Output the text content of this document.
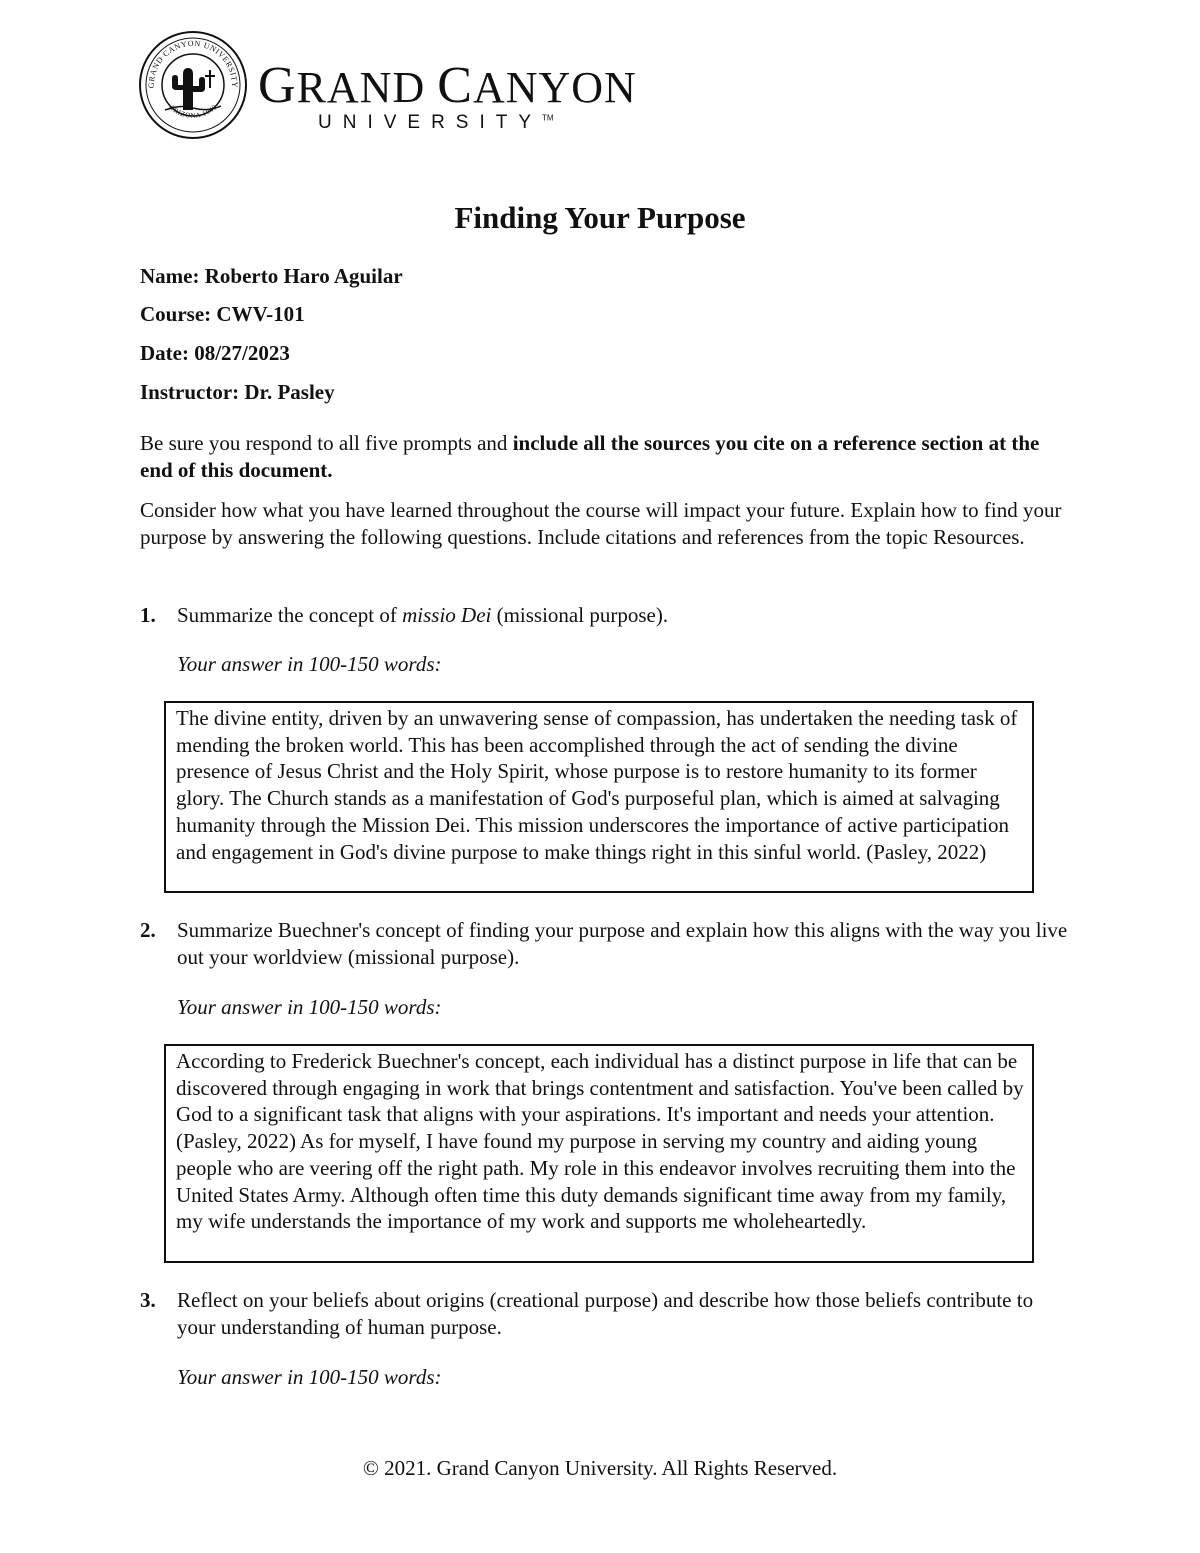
GRAND CANYON UNIVERSITY
ARIZONA 1949 GRAND CANYON
UNIVERSITY™
Finding Your Purpose
Name: Roberto Haro Aguilar
Course: CWV-101
Date: 08/27/2023
Instructor: Dr. Pasley

Be sure you respond to all five prompts and include all the sources you cite on a reference section at the end of this document.

Consider how what you have learned throughout the course will impact your future. Explain how to find your purpose by answering the following questions. Include citations and references from the topic Resources.

1. Summarize the concept of missio Dei (missional purpose).
Your answer in 100-150 words:
The divine entity, driven by an unwavering sense of compassion, has undertaken the needing task of mending the broken world. This has been accomplished through the act of sending the divine presence of Jesus Christ and the Holy Spirit, whose purpose is to restore humanity to its former glory. The Church stands as a manifestation of God's purposeful plan, which is aimed at salvaging humanity through the Mission Dei. This mission underscores the importance of active participation and engagement in God's divine purpose to make things right in this sinful world. (Pasley, 2022)
2. Summarize Buechner's concept of finding your purpose and explain how this aligns with the way you live out your worldview (missional purpose).
Your answer in 100-150 words:
According to Frederick Buechner's concept, each individual has a distinct purpose in life that can be discovered through engaging in work that brings contentment and satisfaction. You've been called by God to a significant task that aligns with your aspirations. It's important and needs your attention. (Pasley, 2022) As for myself, I have found my purpose in serving my country and aiding young people who are veering off the right path. My role in this endeavor involves recruiting them into the United States Army. Although often time this duty demands significant time away from my family, my wife understands the importance of my work and supports me wholeheartedly.
3. Reflect on your beliefs about origins (creational purpose) and describe how those beliefs contribute to your understanding of human purpose.
Your answer in 100-150 words:
© 2021. Grand Canyon University. All Rights Reserved.
